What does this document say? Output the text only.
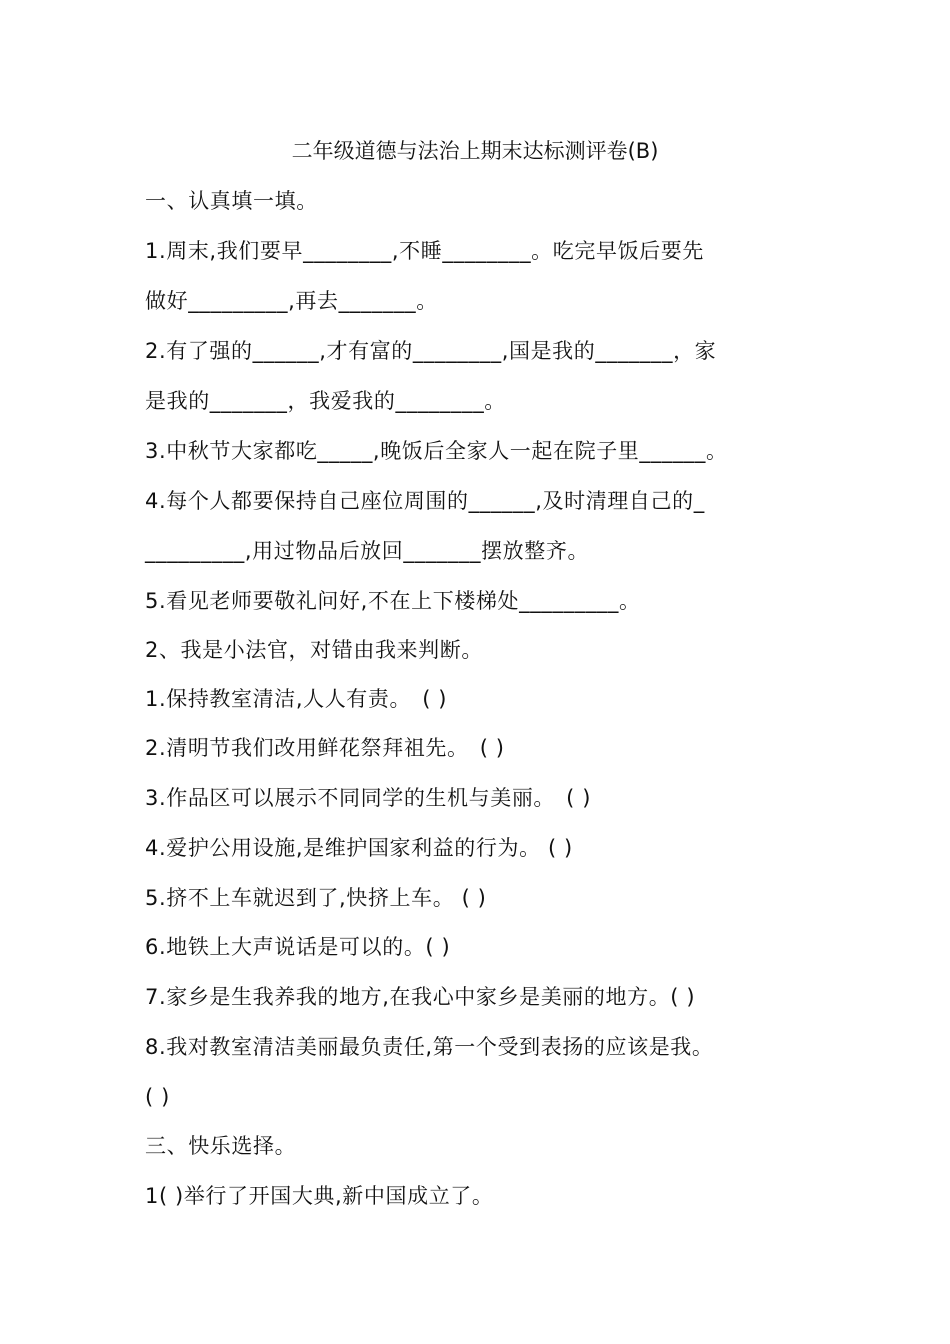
二年级道德与法治上期末达标测评卷(B)
一、认真填一填。
1.周末,我们要早________,不睡________。吃完早饭后要先
做好_________,再去_______。
2.有了强的______,才有富的________,国是我的_______，家
是我的_______，我爱我的________。
3.中秋节大家都吃_____,晚饭后全家人一起在院子里______。
4.每个人都要保持自己座位周围的______,及时清理自己的_
_________,用过物品后放回_______摆放整齐。
5.看见老师要敬礼问好,不在上下楼梯处_________。
2、我是小法官，对错由我来判断。
1.保持教室清洁,人人有责。　( )
2.清明节我们改用鲜花祭拜祖先。　( )
3.作品区可以展示不同同学的生机与美丽。　( )
4.爱护公用设施,是维护国家利益的行为。 ( )
5.挤不上车就迟到了,快挤上车。 ( )
6.地铁上大声说话是可以的。( )
7.家乡是生我养我的地方,在我心中家乡是美丽的地方。( )
8.我对教室清洁美丽最负责任,第一个受到表扬的应该是我。
( )
三、快乐选择。
1( )举行了开国大典,新中国成立了。
